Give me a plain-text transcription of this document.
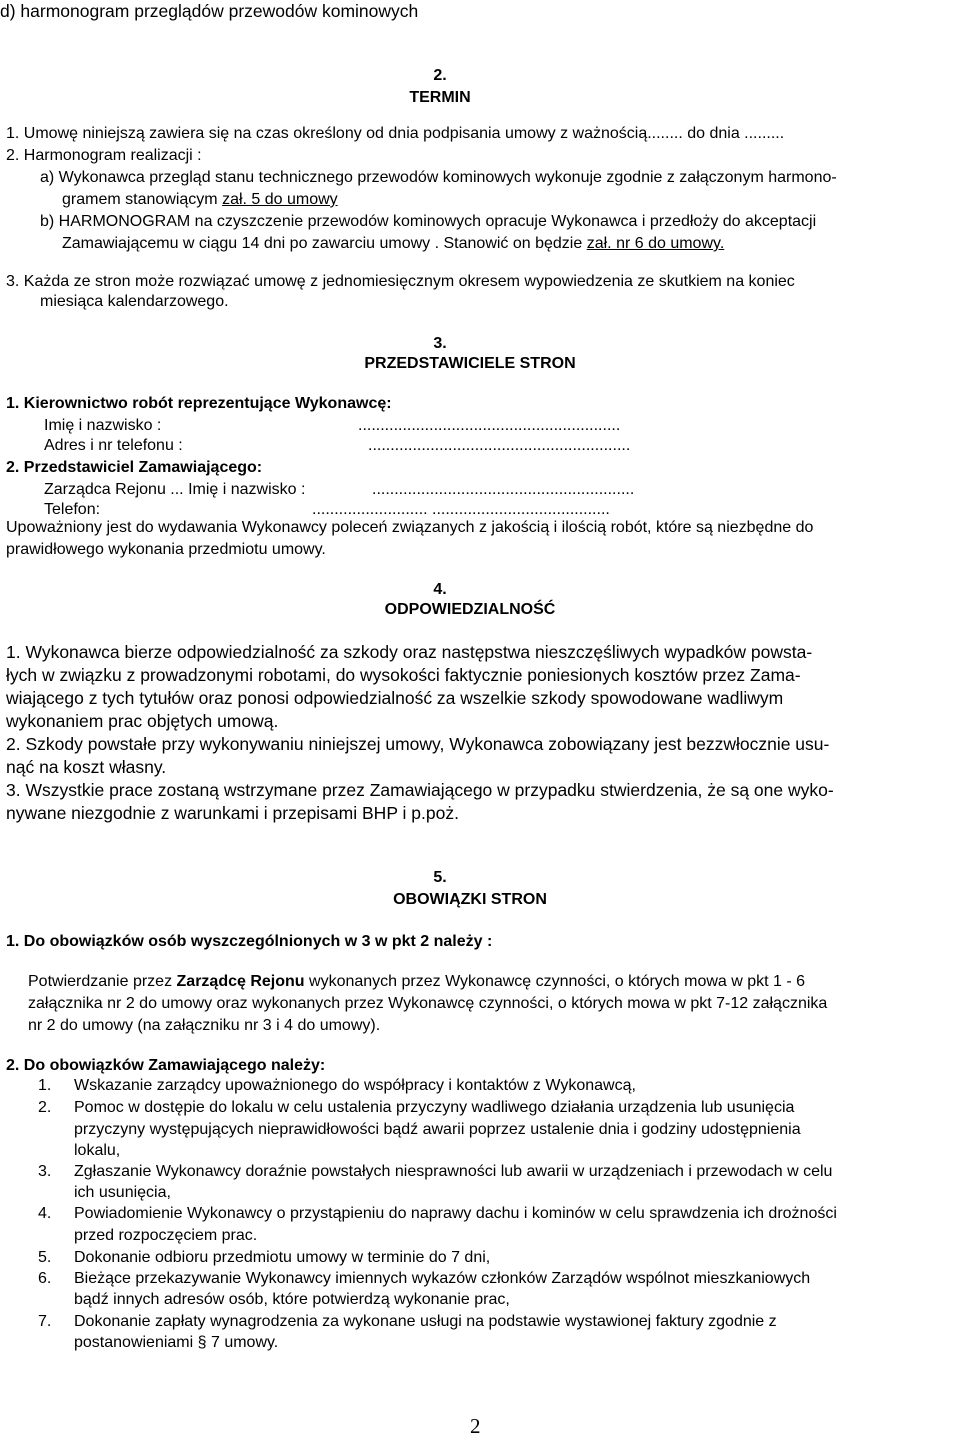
d) harmonogram przeglądów przewodów kominowych
2.
TERMIN
1. Umowę niniejszą zawiera się na czas określony od dnia podpisania umowy z ważnością........ do dnia .........
2. Harmonogram realizacji :
a) Wykonawca przegląd stanu technicznego przewodów kominowych wykonuje zgodnie z załączonym harmono-
gramem stanowiącym zał. 5 do umowy
b) HARMONOGRAM na czyszczenie przewodów kominowych opracuje Wykonawca i przedłoży do akceptacji
Zamawiającemu w ciągu 14 dni po zawarciu umowy . Stanowić on będzie zał. nr 6 do umowy.
3. Każda ze stron może rozwiązać umowę z jednomiesięcznym okresem wypowiedzenia ze skutkiem na koniec
miesiąca kalendarzowego.
3.
PRZEDSTAWICIELE STRON
1. Kierownictwo robót reprezentujące Wykonawcę:
Imię i nazwisko :	...........................................................
Adres i nr telefonu :	...........................................................
2. Przedstawiciel Zamawiającego:
Zarządca Rejonu ... Imię i nazwisko :	...........................................................
Telefon:	.......................... ........................................
Upoważniony jest do wydawania Wykonawcy poleceń związanych z jakością i ilością robót, które są niezbędne do
prawidłowego wykonania przedmiotu umowy.
4.
ODPOWIEDZIALNOŚĆ
1. Wykonawca bierze odpowiedzialność za szkody oraz następstwa nieszczęśliwych wypadków powsta-
łych w związku z prowadzonymi robotami, do wysokości faktycznie poniesionych kosztów przez Zama-
wiającego z tych tytułów oraz ponosi odpowiedzialność za wszelkie szkody spowodowane wadliwym
wykonaniem prac objętych umową.
2. Szkody powstałe przy wykonywaniu niniejszej umowy, Wykonawca zobowiązany jest bezzwłocznie usu-
nąć na koszt własny.
3. Wszystkie prace zostaną wstrzymane przez Zamawiającego w przypadku stwierdzenia, że są one wyko-
nywane niezgodnie z warunkami i przepisami BHP i p.poż.
5.
OBOWIĄZKI STRON
1. Do obowiązków osób wyszczególnionych w 3 w pkt 2 należy :
Potwierdzanie przez Zarządcę Rejonu wykonanych przez Wykonawcę czynności, o których mowa w pkt 1 - 6
załącznika nr 2 do umowy oraz wykonanych przez Wykonawcę czynności, o których mowa w pkt 7-12 załącznika
nr 2 do umowy (na załączniku nr 3 i 4 do umowy).
2. Do obowiązków Zamawiającego należy:
1. Wskazanie zarządcy upoważnionego do współpracy i kontaktów z Wykonawcą,
2. Pomoc w dostępie do lokalu w celu ustalenia przyczyny wadliwego działania urządzenia lub usunięcia
przyczyny występujących nieprawidłowości bądź awarii poprzez ustalenie dnia i godziny udostępnienia
lokalu,
3. Zgłaszanie Wykonawcy doraźnie powstałych niesprawności lub awarii w urządzeniach i przewodach w celu
ich usunięcia,
4. Powiadomienie Wykonawcy o przystąpieniu do naprawy dachu i kominów w celu sprawdzenia ich drożności
przed rozpoczęciem prac.
5. Dokonanie odbioru przedmiotu umowy w terminie do 7 dni,
6. Bieżące przekazywanie Wykonawcy imiennych wykazów członków Zarządów wspólnot mieszkaniowych
bądź innych adresów osób, które potwierdzą wykonanie prac,
7. Dokonanie zapłaty wynagrodzenia za wykonane usługi na podstawie wystawionej faktury zgodnie z
postanowieniami § 7 umowy.
2
